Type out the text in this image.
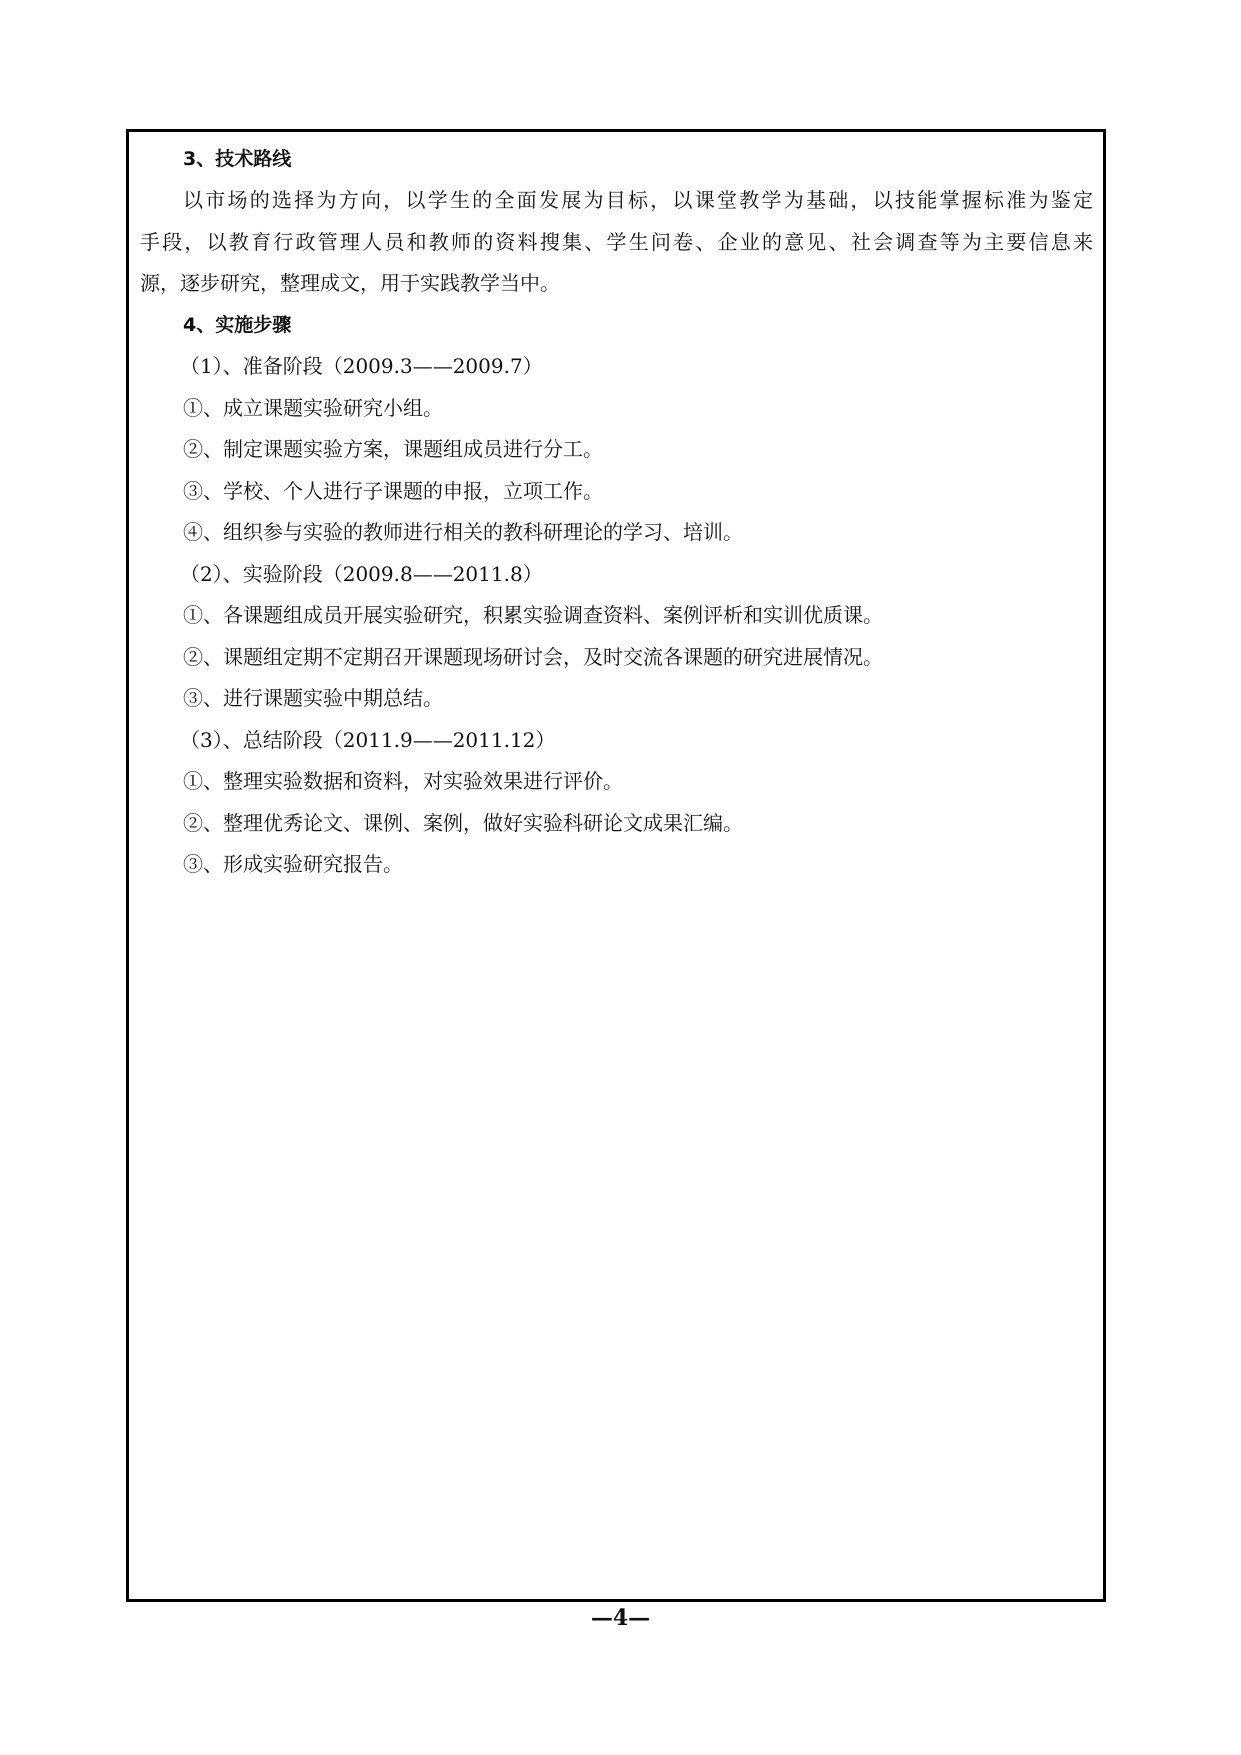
3、技术路线
以市场的选择为方向，以学生的全面发展为目标，以课堂教学为基础，以技能掌握标准为鉴定
手段，以教育行政管理人员和教师的资料搜集、学生问卷、企业的意见、社会调查等为主要信息来
源，逐步研究，整理成文，用于实践教学当中。
4、实施步骤
（1）、准备阶段（2009.3——2009.7）
①、成立课题实验研究小组。
②、制定课题实验方案，课题组成员进行分工。
③、学校、个人进行子课题的申报，立项工作。
④、组织参与实验的教师进行相关的教科研理论的学习、培训。
（2）、实验阶段（2009.8——2011.8）
①、各课题组成员开展实验研究，积累实验调查资料、案例评析和实训优质课。
②、课题组定期不定期召开课题现场研讨会，及时交流各课题的研究进展情况。
③、进行课题实验中期总结。
（3）、总结阶段（2011.9——2011.12）
①、整理实验数据和资料，对实验效果进行评价。
②、整理优秀论文、课例、案例，做好实验科研论文成果汇编。
③、形成实验研究报告。
—4—
